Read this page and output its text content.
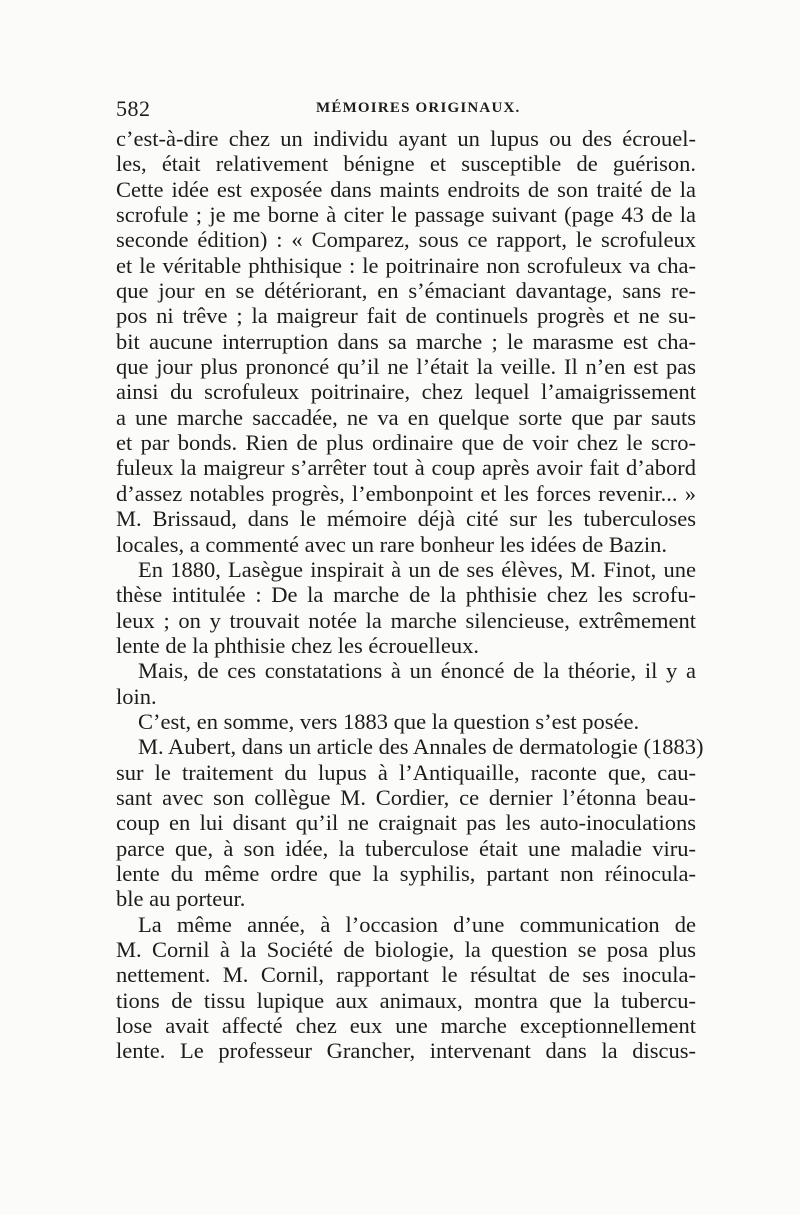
582	MÉMOIRES ORIGINAUX.
c’est-à-dire chez un individu ayant un lupus ou des écrouel-
les, était relativement bénigne et susceptible de guérison.
Cette idée est exposée dans maints endroits de son traité de la
scrofule ; je me borne à citer le passage suivant (page 43 de la
seconde édition) : « Comparez, sous ce rapport, le scrofuleux
et le véritable phthisique : le poitrinaire non scrofuleux va cha-
que jour en se détériorant, en s’émaciant davantage, sans re-
pos ni trêve ; la maigreur fait de continuels progrès et ne su-
bit aucune interruption dans sa marche ; le marasme est cha-
que jour plus prononcé qu’il ne l’était la veille. Il n’en est pas
ainsi du scrofuleux poitrinaire, chez lequel l’amaigrissement
a une marche saccadée, ne va en quelque sorte que par sauts
et par bonds. Rien de plus ordinaire que de voir chez le scro-
fuleux la maigreur s’arrêter tout à coup après avoir fait d’abord
d’assez notables progrès, l’embonpoint et les forces revenir... »
M. Brissaud, dans le mémoire déjà cité sur les tuberculoses
locales, a commenté avec un rare bonheur les idées de Bazin.
En 1880, Lasègue inspirait à un de ses élèves, M. Finot, une
thèse intitulée : De la marche de la phthisie chez les scrofu-
leux ; on y trouvait notée la marche silencieuse, extrêmement
lente de la phthisie chez les écrouelleux.
Mais, de ces constatations à un énoncé de la théorie, il y a
loin.
C’est, en somme, vers 1883 que la question s’est posée.
M. Aubert, dans un article des Annales de dermatologie (1883)
sur le traitement du lupus à l’Antiquaille, raconte que, cau-
sant avec son collègue M. Cordier, ce dernier l’étonna beau-
coup en lui disant qu’il ne craignait pas les auto-inoculations
parce que, à son idée, la tuberculose était une maladie viru-
lente du même ordre que la syphilis, partant non réinocula-
ble au porteur.
La même année, à l’occasion d’une communication de
M. Cornil à la Société de biologie, la question se posa plus
nettement. M. Cornil, rapportant le résultat de ses inocula-
tions de tissu lupique aux animaux, montra que la tubercu-
lose avait affecté chez eux une marche exceptionnellement
lente. Le professeur Grancher, intervenant dans la discus-
